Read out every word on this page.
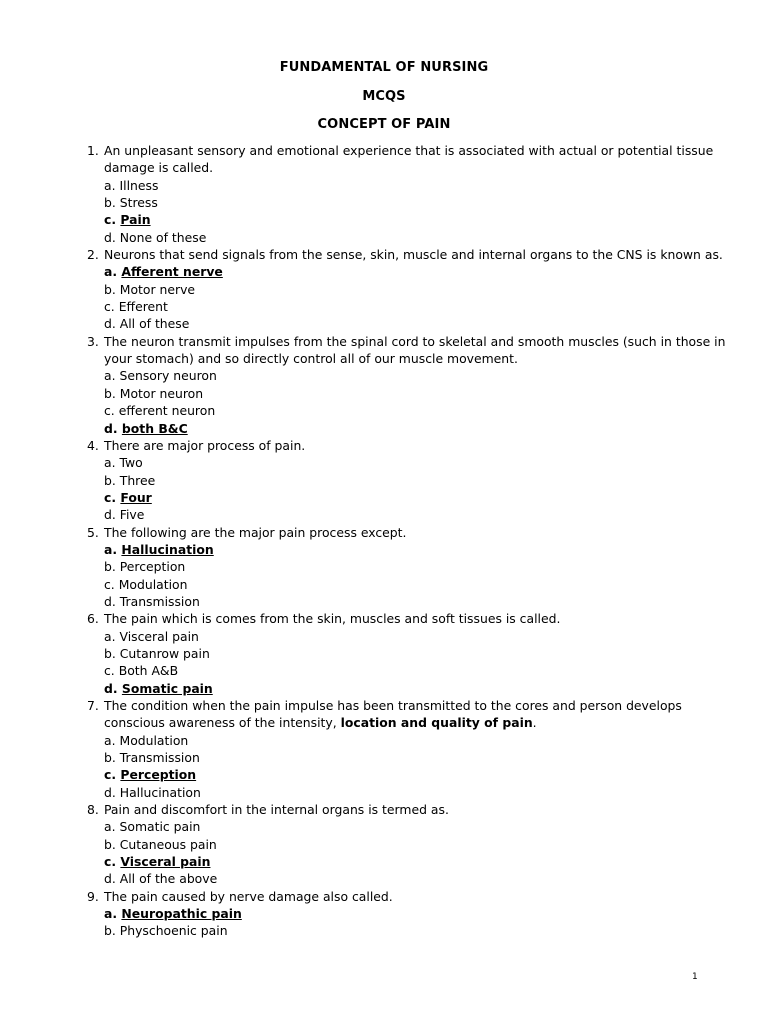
FUNDAMENTAL OF NURSING
MCQS
CONCEPT OF PAIN
1. An unpleasant sensory and emotional experience that is associated with actual or potential tissue damage is called.
a. Illness
b. Stress
c. Pain
d. None of these
2. Neurons that send signals from the sense, skin, muscle and internal organs to the CNS is known as.
a. Afferent nerve
b. Motor nerve
c. Efferent
d. All of these
3. The neuron transmit impulses from the spinal cord to skeletal and smooth muscles (such in those in your stomach) and so directly control all of our muscle movement.
a. Sensory neuron
b. Motor neuron
c. efferent neuron
d. both B&C
4. There are major process of pain.
a. Two
b. Three
c. Four
d. Five
5. The following are the major pain process except.
a. Hallucination
b. Perception
c. Modulation
d. Transmission
6. The pain which is comes from the skin, muscles and soft tissues is called.
a. Visceral pain
b. Cutanrow pain
c. Both A&B
d. Somatic pain
7. The condition when the pain impulse has been transmitted to the cores and person develops conscious awareness of the intensity, location and quality of pain.
a. Modulation
b. Transmission
c. Perception
d. Hallucination
8. Pain and discomfort in the internal organs is termed as.
a. Somatic pain
b. Cutaneous pain
c. Visceral pain
d. All of the above
9. The pain caused by nerve damage also called.
a. Neuropathic pain
b. Physchoenic pain
1
